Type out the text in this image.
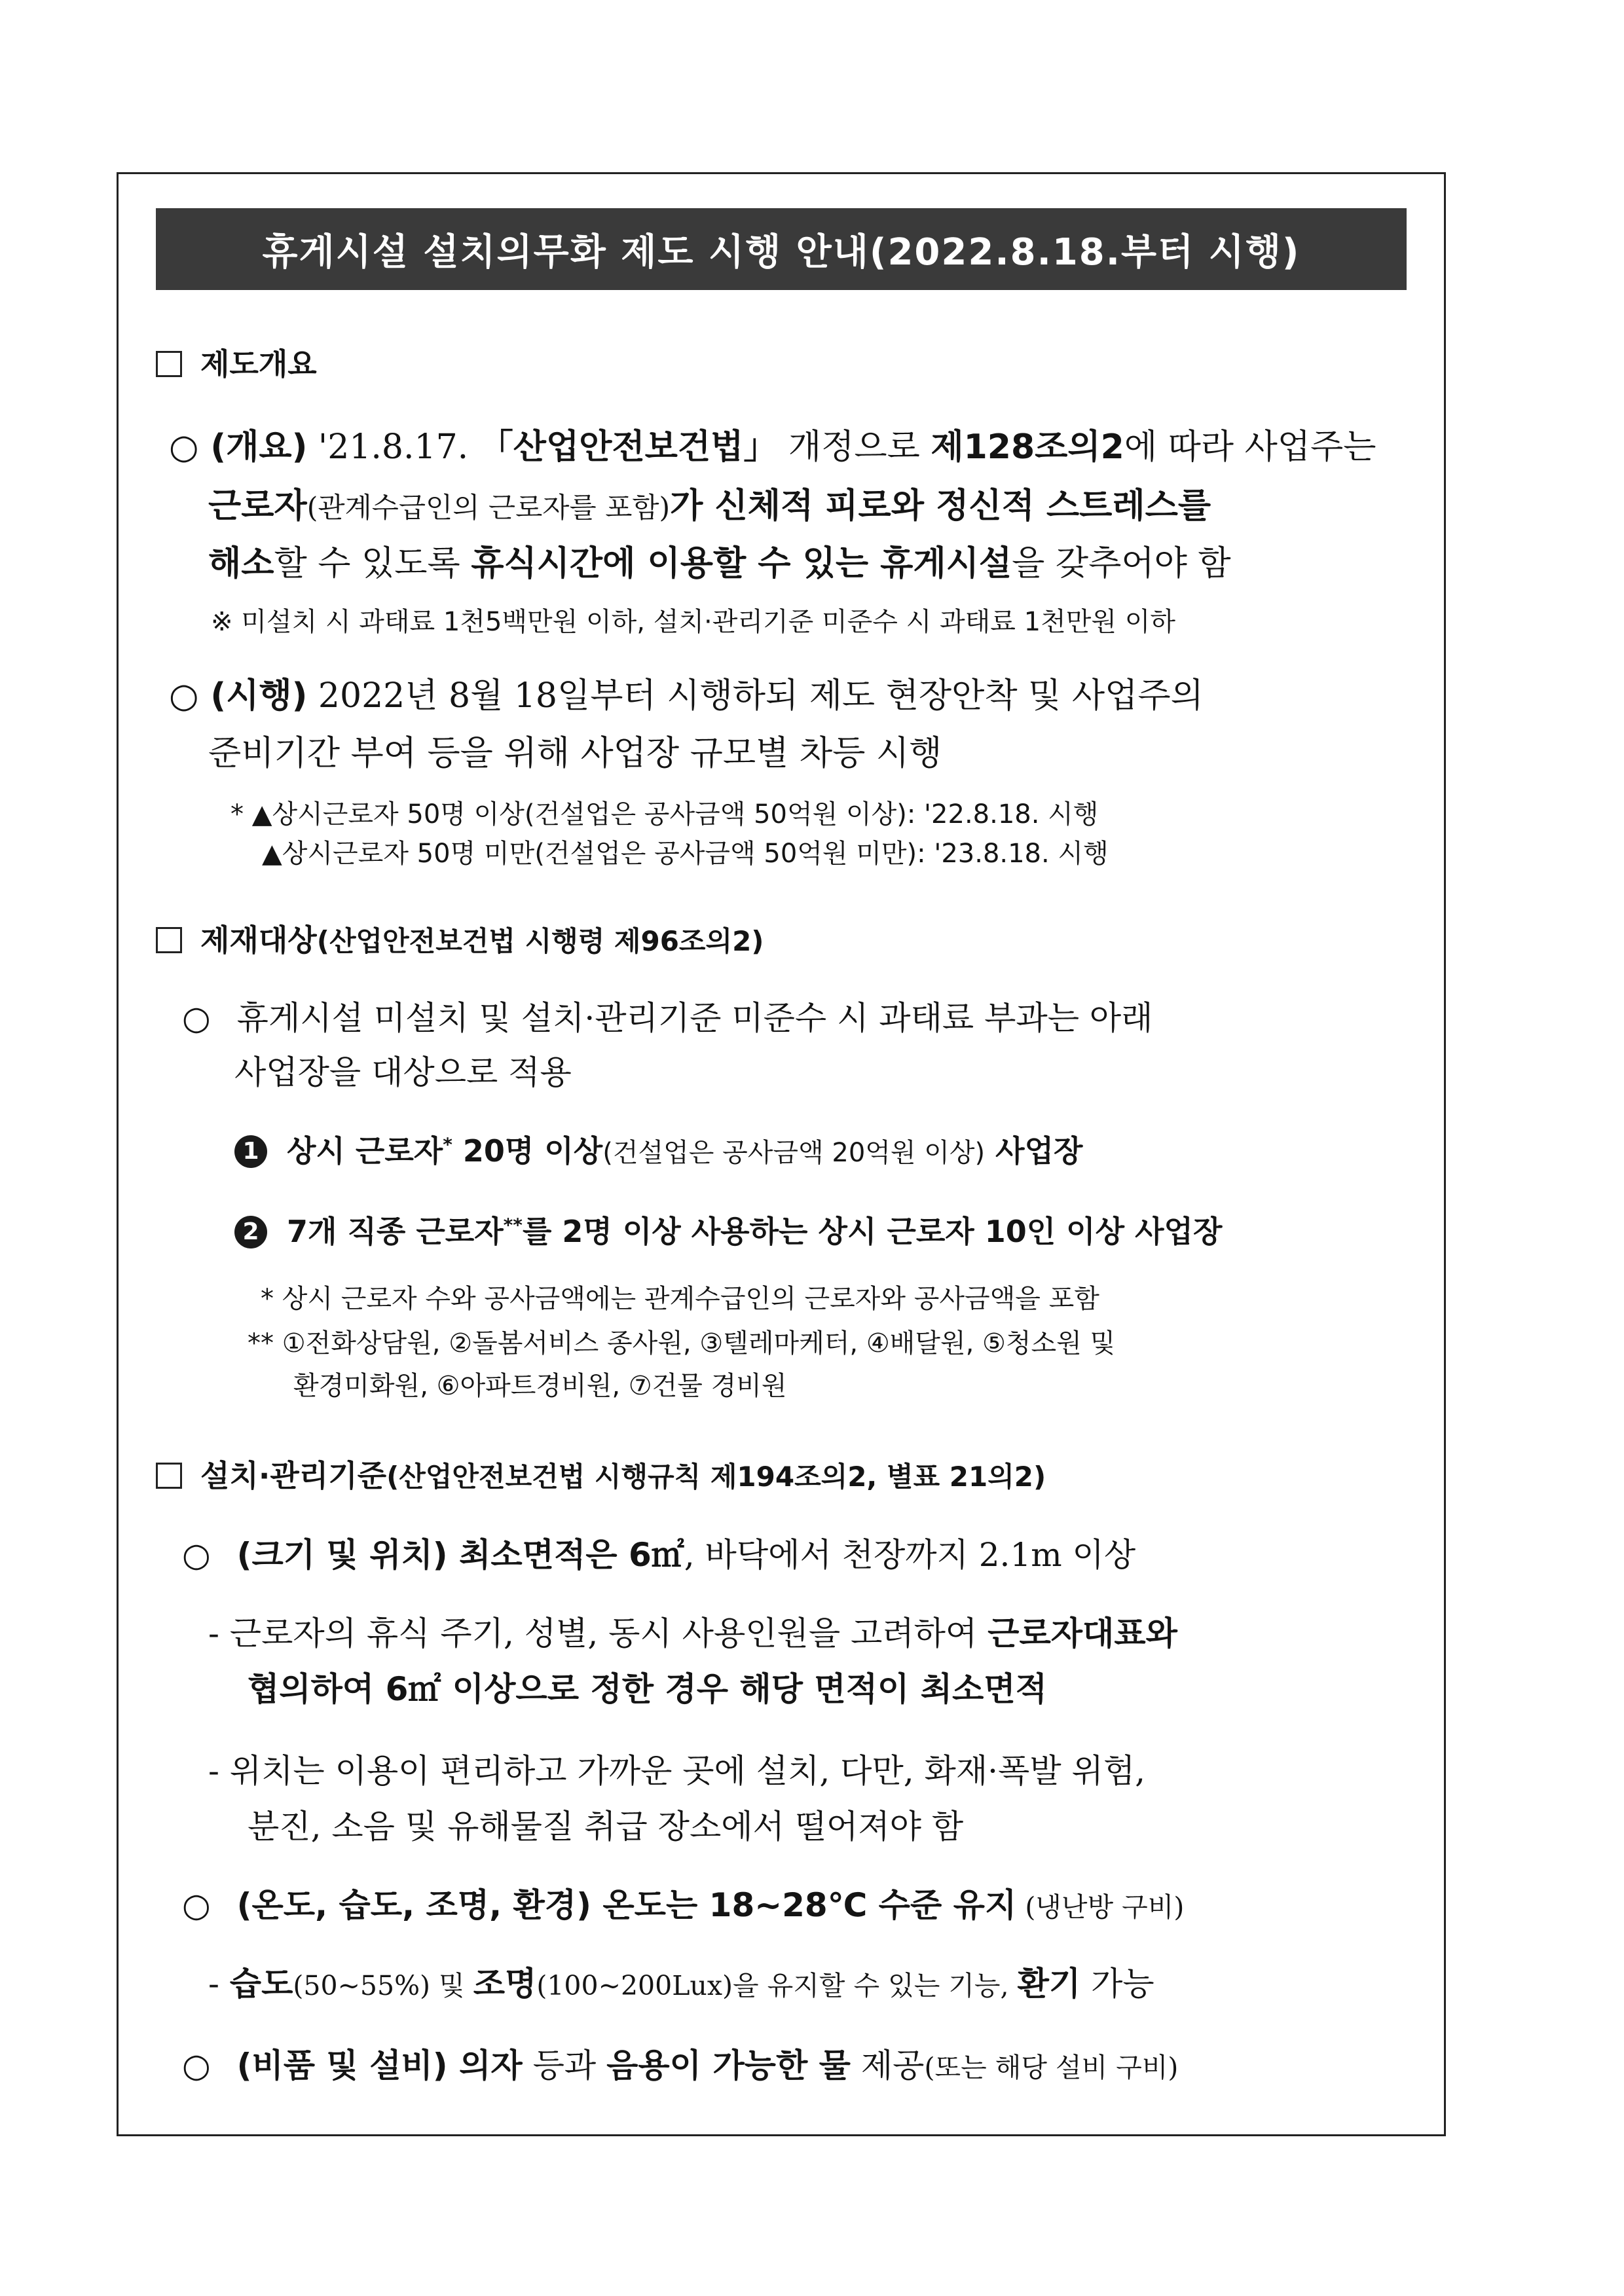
휴게시설 설치의무화 제도 시행 안내(2022.8.18.부터 시행)
제도개요
○ (개요) '21.8.17. 「산업안전보건법」 개정으로 제128조의2에 따라 사업주는
근로자(관계수급인의 근로자를 포함)가 신체적 피로와 정신적 스트레스를
해소할 수 있도록 휴식시간에 이용할 수 있는 휴게시설을 갖추어야 함
※ 미설치 시 과태료 1천5백만원 이하, 설치·관리기준 미준수 시 과태료 1천만원 이하
○ (시행) 2022년 8월 18일부터 시행하되 제도 현장안착 및 사업주의
준비기간 부여 등을 위해 사업장 규모별 차등 시행
* ▲상시근로자 50명 이상(건설업은 공사금액 50억원 이상): '22.8.18. 시행
▲상시근로자 50명 미만(건설업은 공사금액 50억원 미만): '23.8.18. 시행
제재대상(산업안전보건법 시행령 제96조의2)
○ 휴게시설 미설치 및 설치·관리기준 미준수 시 과태료 부과는 아래
사업장을 대상으로 적용
1 상시 근로자* 20명 이상(건설업은 공사금액 20억원 이상) 사업장
2 7개 직종 근로자**를 2명 이상 사용하는 상시 근로자 10인 이상 사업장
* 상시 근로자 수와 공사금액에는 관계수급인의 근로자와 공사금액을 포함
** ①전화상담원, ②돌봄서비스 종사원, ③텔레마케터, ④배달원, ⑤청소원 및
환경미화원, ⑥아파트경비원, ⑦건물 경비원
설치·관리기준(산업안전보건법 시행규칙 제194조의2, 별표 21의2)
○ (크기 및 위치) 최소면적은 6㎡, 바닥에서 천장까지 2.1m 이상
- 근로자의 휴식 주기, 성별, 동시 사용인원을 고려하여 근로자대표와
협의하여 6㎡ 이상으로 정한 경우 해당 면적이 최소면적
- 위치는 이용이 편리하고 가까운 곳에 설치, 다만, 화재·폭발 위험,
분진, 소음 및 유해물질 취급 장소에서 떨어져야 함
○ (온도, 습도, 조명, 환경) 온도는 18~28℃ 수준 유지 (냉난방 구비)
- 습도(50~55%) 및 조명(100~200Lux)을 유지할 수 있는 기능, 환기 가능
○ (비품 및 설비) 의자 등과 음용이 가능한 물 제공(또는 해당 설비 구비)
